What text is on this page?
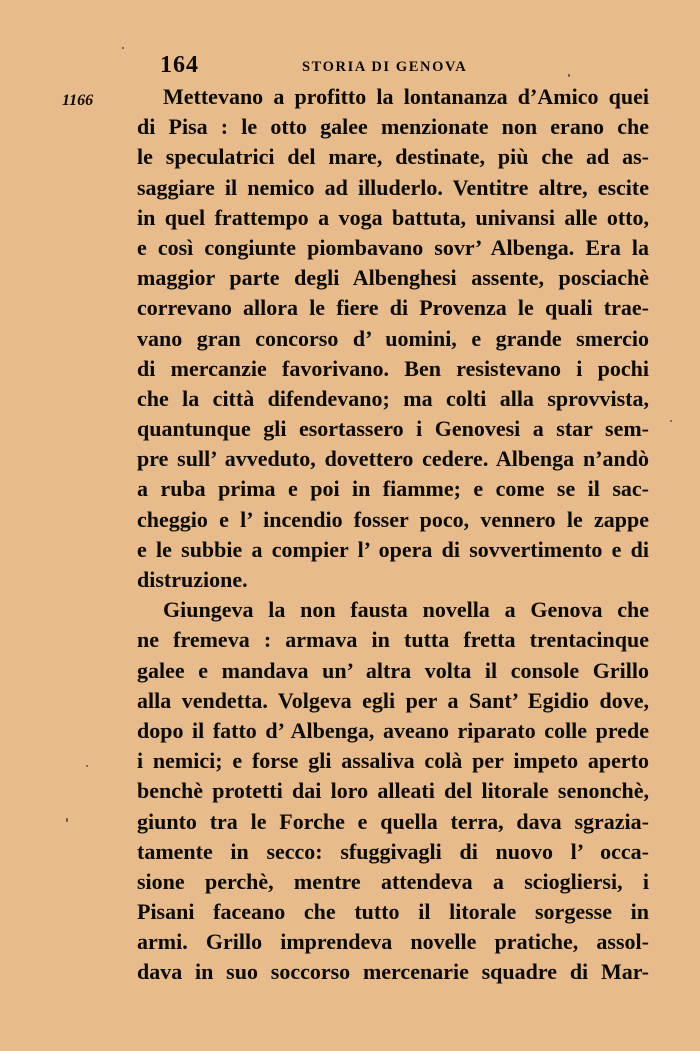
164	STORIA DI GENOVA
1166	Mettevano a profitto la lontananza d’Amico quei
di Pisa : le otto galee menzionate non erano che
le speculatrici del mare, destinate, più che ad as-
saggiare il nemico ad illuderlo. Ventitre altre, escite
in quel frattempo a voga battuta, univansi alle otto,
e così congiunte piombavano sovr’ Albenga. Era la
maggior parte degli Albenghesi assente, posciachè
correvano allora le fiere di Provenza le quali trae-
vano gran concorso d’ uomini, e grande smercio
di mercanzie favorivano. Ben resistevano i pochi
che la città difendevano; ma colti alla sprovvista,
quantunque gli esortassero i Genovesi a star sem-
pre sull’ avveduto, dovettero cedere. Albenga n’andò
a ruba prima e poi in fiamme; e come se il sac-
cheggio e l’ incendio fosser poco, vennero le zappe
e le subbie a compier l’ opera di sovvertimento e di
distruzione.
Giungeva la non fausta novella a Genova che
ne fremeva : armava in tutta fretta trentacinque
galee e mandava un’ altra volta il console Grillo
alla vendetta. Volgeva egli per a Sant’ Egidio dove,
dopo il fatto d’ Albenga, aveano riparato colle prede
i nemici; e forse gli assaliva colà per impeto aperto
benchè protetti dai loro alleati del litorale senonchè,
giunto tra le Forche e quella terra, dava sgrazia-
tamente in secco: sfuggivagli di nuovo l’ occa-
sione perchè, mentre attendeva a sciogliersi, i
Pisani faceano che tutto il litorale sorgesse in
armi. Grillo imprendeva novelle pratiche, assol-
dava in suo soccorso mercenarie squadre di Mar-
